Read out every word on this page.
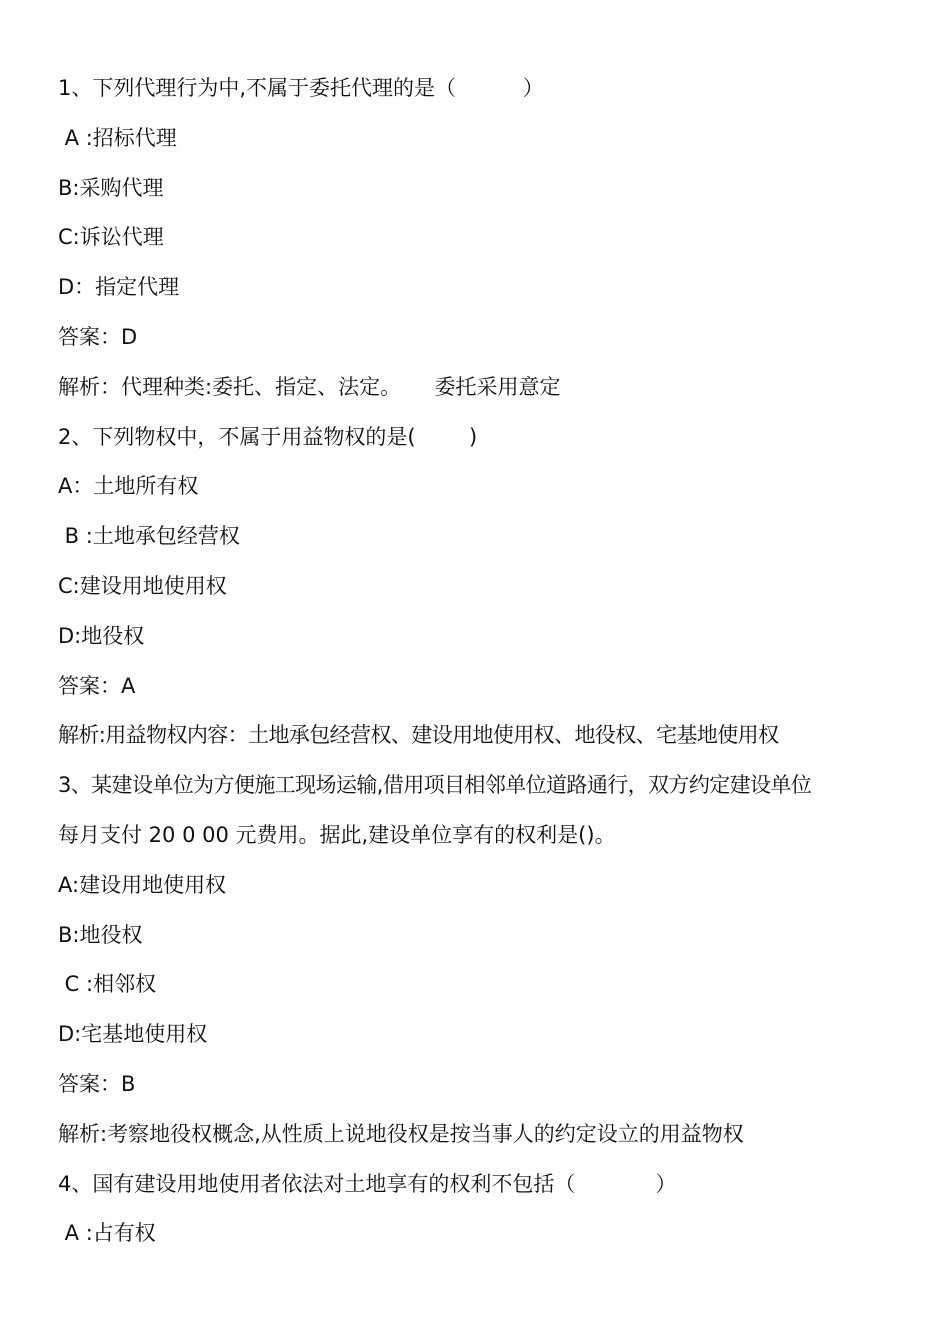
1、下列代理行为中,不属于委托代理的是（          ）
A :招标代理
B:采购代理
C:诉讼代理
D：指定代理
答案：D
解析：代理种类:委托、指定、法定。     委托采用意定
2、下列物权中，不属于用益物权的是(        )
A：土地所有权
B :土地承包经营权
C:建设用地使用权
D:地役权
答案：A
解析:用益物权内容：土地承包经营权、建设用地使用权、地役权、宅基地使用权
3、某建设单位为方便施工现场运输,借用项目相邻单位道路通行，双方约定建设单位
每月支付 20 0 00 元费用。据此,建设单位享有的权利是()。
A:建设用地使用权
B:地役权
C :相邻权
D:宅基地使用权
答案：B
解析:考察地役权概念,从性质上说地役权是按当事人的约定设立的用益物权
4、国有建设用地使用者依法对土地享有的权利不包括（            ）
A :占有权
